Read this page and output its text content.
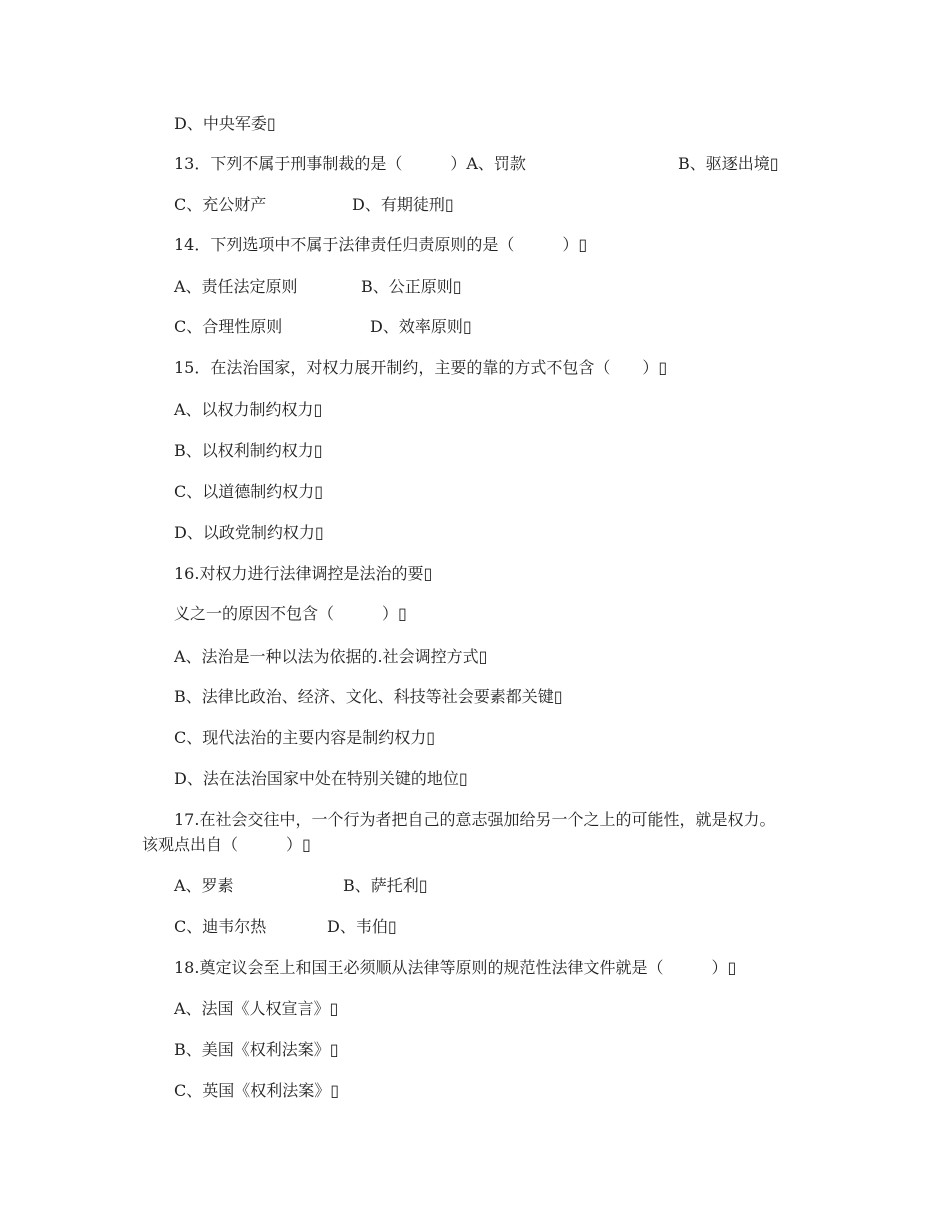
D、中央军委▯
13．下列不属于刑事制裁的是（　　　）A、罚款	B、驱逐出境▯
C、充公财产	D、有期徒刑▯
14．下列选项中不属于法律责任归责原则的是（　　　）▯
A、责任法定原则	B、公正原则▯
C、合理性原则	D、效率原则▯
15．在法治国家，对权力展开制约，主要的靠的方式不包含（　　）▯
A、以权力制约权力▯
B、以权利制约权力▯
C、以道德制约权力▯
D、以政党制约权力▯
16.对权力进行法律调控是法治的要▯
义之一的原因不包含（　　　）▯
A、法治是一种以法为依据的.社会调控方式▯
B、法律比政治、经济、文化、科技等社会要素都关键▯
C、现代法治的主要内容是制约权力▯
D、法在法治国家中处在特别关键的地位▯
17.在社会交往中，一个行为者把自己的意志强加给另一个之上的可能性，就是权力。
该观点出自（　　　）▯
A、罗素	B、萨托利▯
C、迪韦尔热	D、韦伯▯
18.奠定议会至上和国王必须顺从法律等原则的规范性法律文件就是（　　　）▯
A、法国《人权宣言》▯
B、美国《权利法案》▯
C、英国《权利法案》▯
